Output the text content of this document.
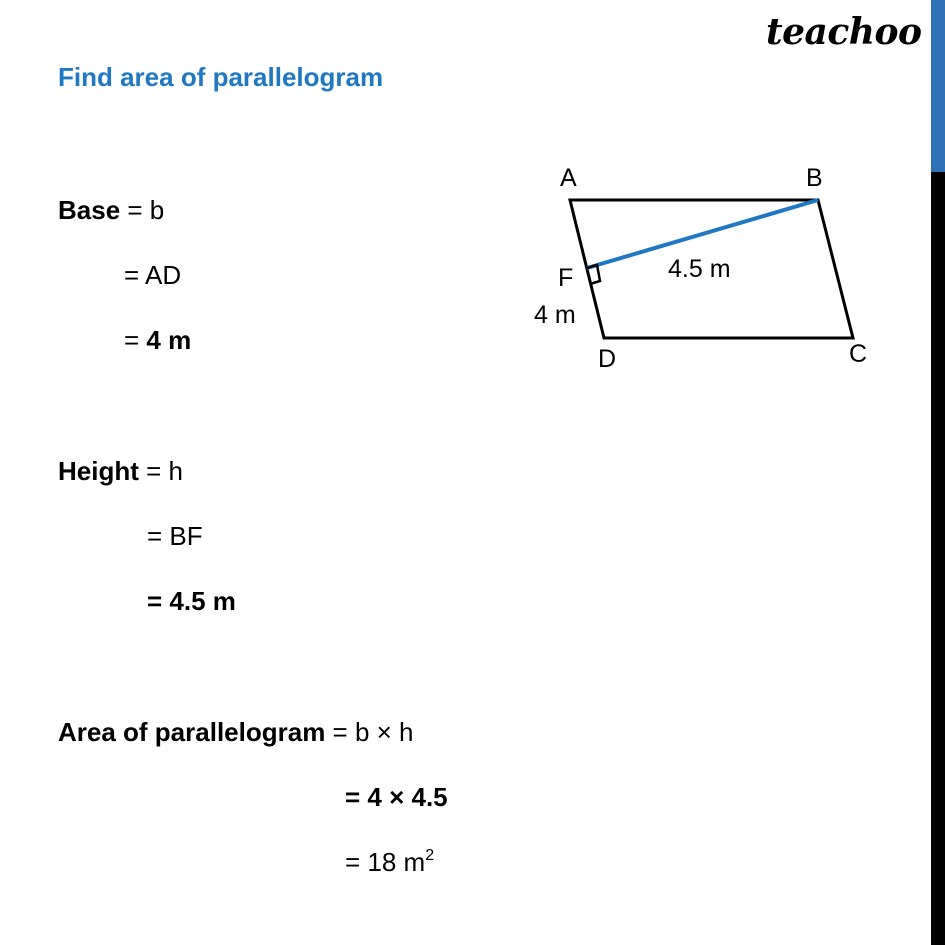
teachoo
Find area of parallelogram
Base = b
= AD
= 4 m
Height = h
= BF
= 4.5 m
Area of parallelogram = b × h
= 4 × 4.5
= 18 $m^2$
A	B
C
D
F	4.5 m
4 m
